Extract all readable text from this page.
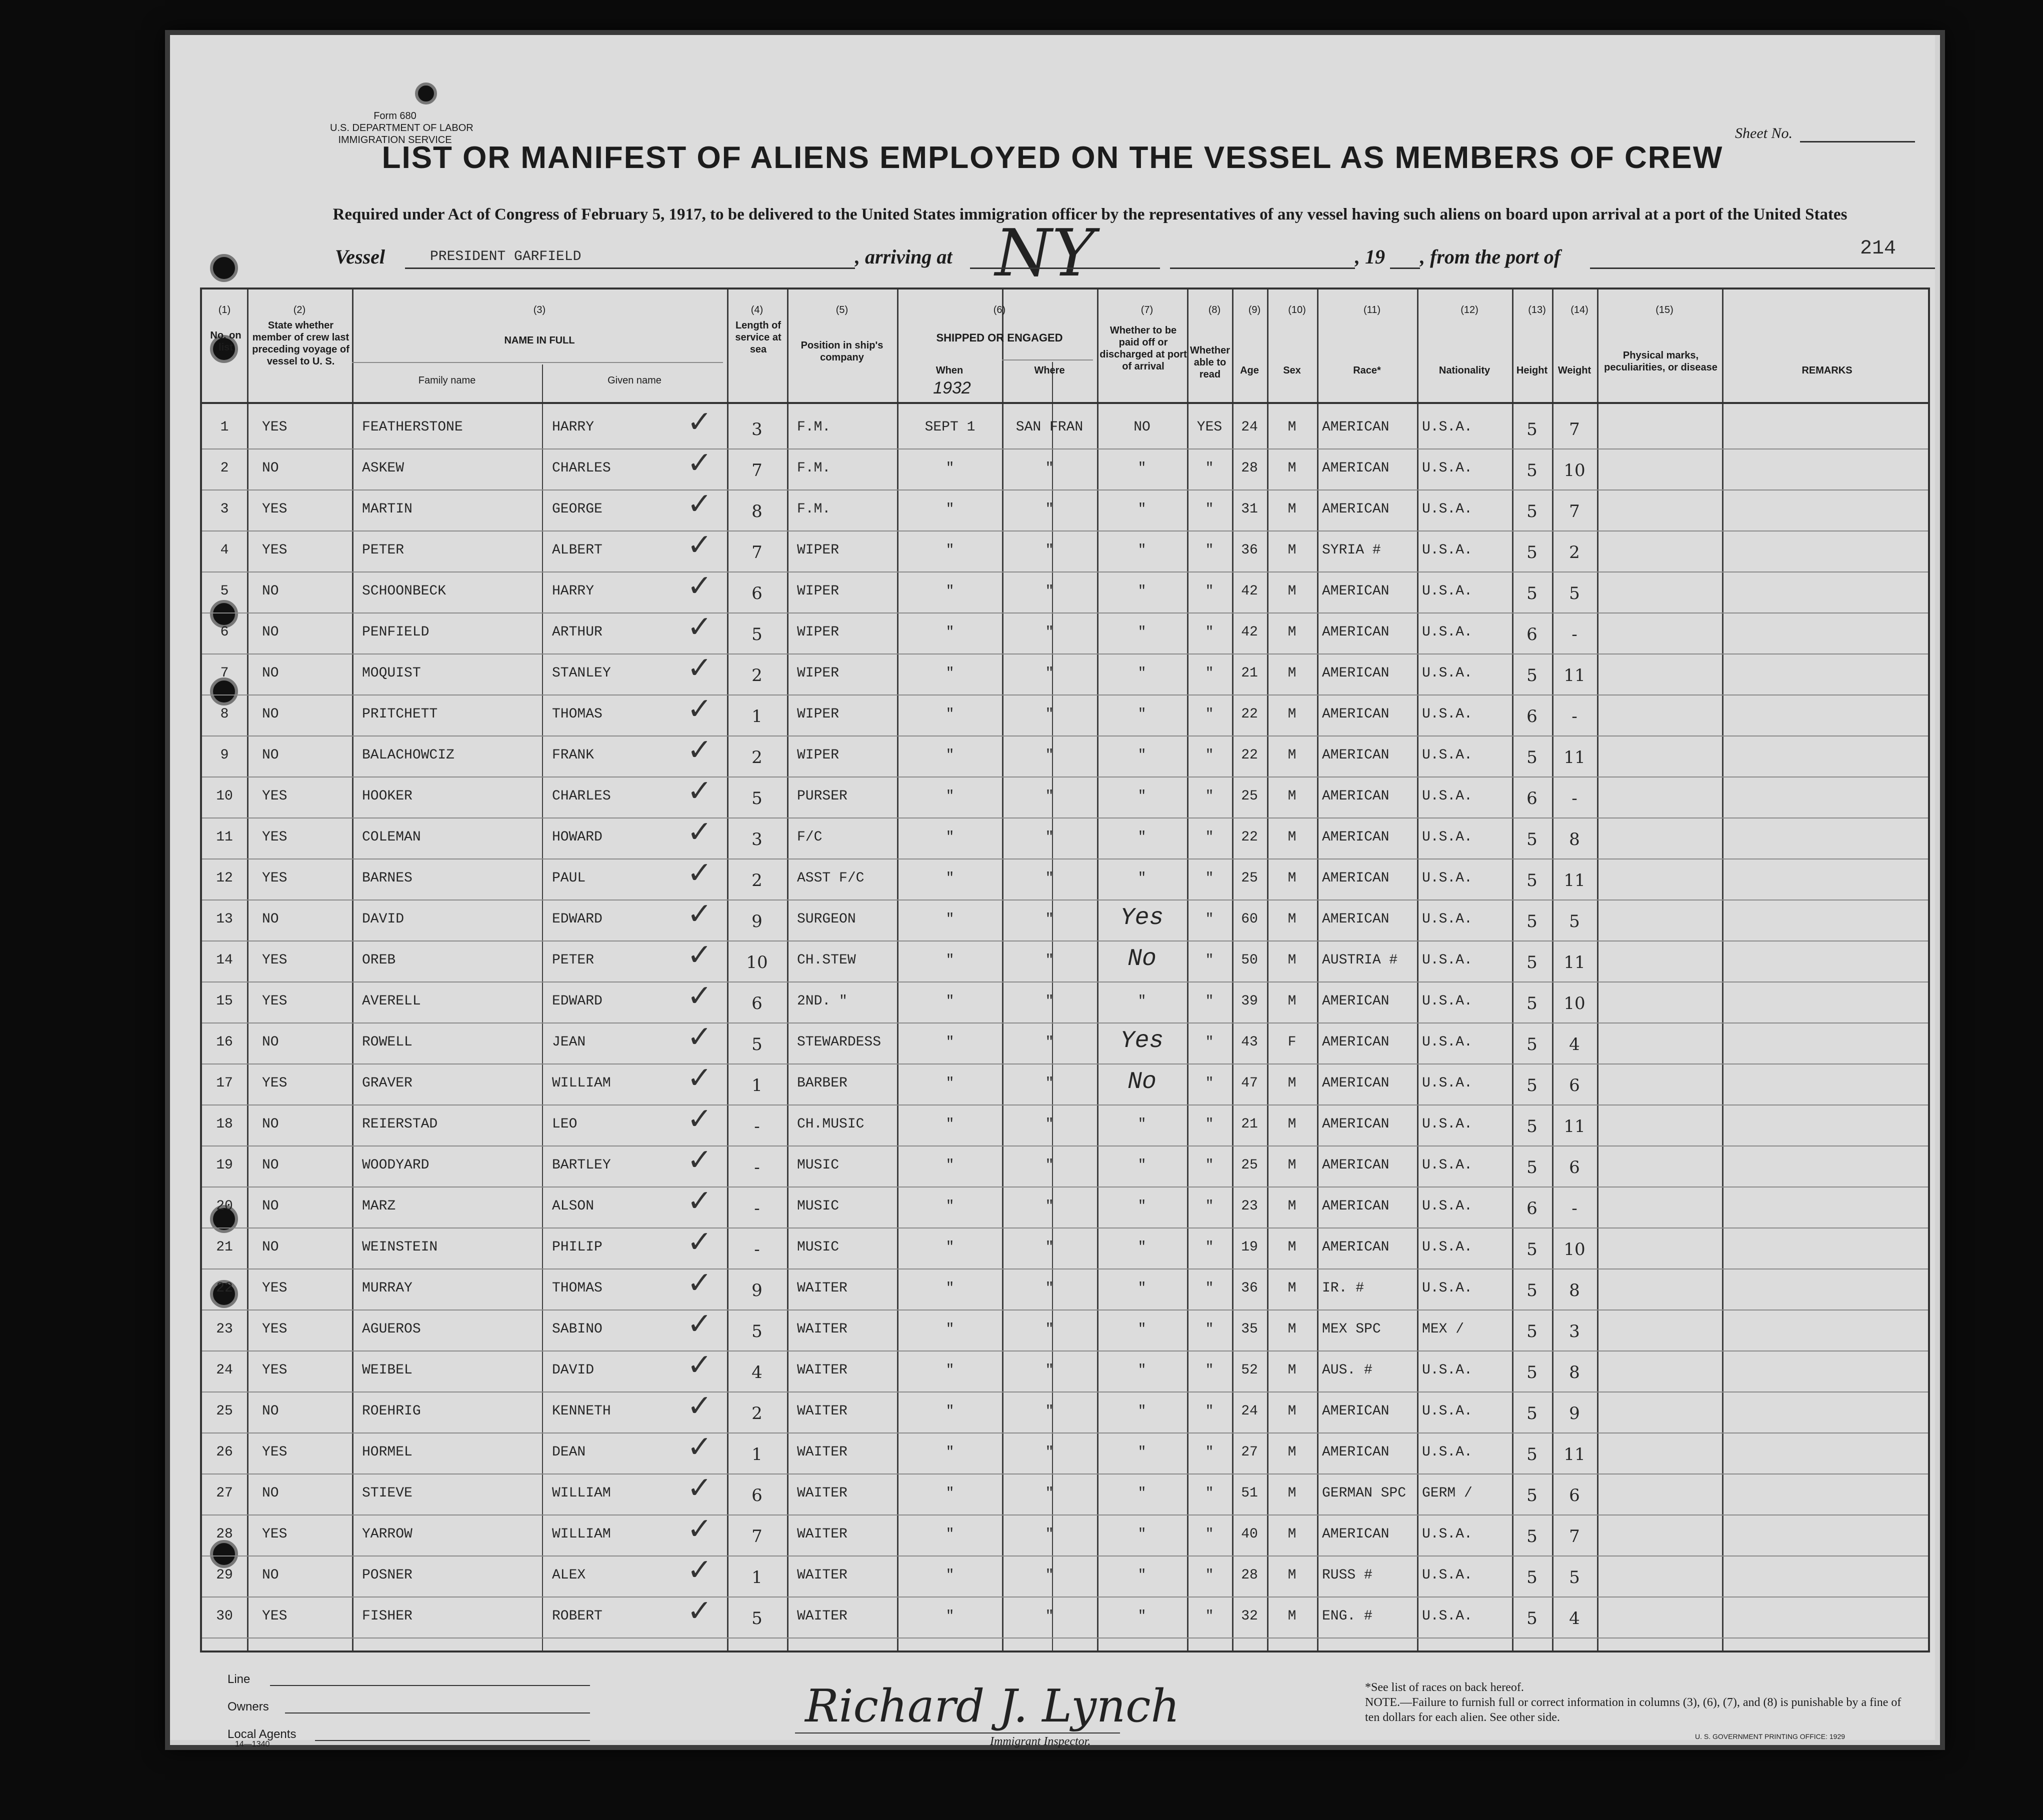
Form 680
U.S. DEPARTMENT OF LABOR
IMMIGRATION SERVICE	Sheet No.
LIST OR MANIFEST OF ALIENS EMPLOYED ON THE VESSEL AS MEMBERS OF CREW
Required under Act of Congress of February 5, 1917, to be delivered to the United States immigration officer by the representatives of any vessel having such aliens on board upon arrival at a port of the United States
Vessel	PRESIDENT GARFIELD	, arriving at NY	, 19 , from the port of	214
(1)	(2)	(3)	(4)	(5)	(6)	(7)	(8)	(9)	(10)	(11)	(12)	(13)	(14)	(15)
No. on list
State whether member of crew last preceding voyage of vessel to U. S.
NAME IN FULL
Family name	Given name
Length of service at sea	Position in ship's company
SHIPPED OR ENGAGED
When	Where
Whether to be paid off or discharged at port of arrival
Whether able to read	Age	Sex	Race*	Nationality	Height	Weight
Physical marks, peculiarities, or disease	REMARKS
1932
1	YES	FEATHERSTONE	HARRY	3	F.M.	SEPT 1	SAN FRAN	NO	YES	24	M	AMERICAN	U.S.A.	5	7
✓
2	NO	ASKEW	CHARLES	7	F.M.	"	"	"	"	28	M	AMERICAN	U.S.A.	5	10
✓
3	YES	MARTIN	GEORGE	8	F.M.	"	"	"	"	31	M	AMERICAN	U.S.A.	5	7
✓
4	YES	PETER	ALBERT	7	WIPER	"	"	"	"	36	M	SYRIA #	U.S.A.	5	2
✓
5	NO	SCHOONBECK	HARRY	6	WIPER	"	"	"	"	42	M	AMERICAN	U.S.A.	5	5
✓
6	NO	PENFIELD	ARTHUR	5	WIPER	"	"	"	"	42	M	AMERICAN	U.S.A.	6	-
✓
7	NO	MOQUIST	STANLEY	2	WIPER	"	"	"	"	21	M	AMERICAN	U.S.A.	5	11
✓
8	NO	PRITCHETT	THOMAS	1	WIPER	"	"	"	"	22	M	AMERICAN	U.S.A.	6	-
✓
9	NO	BALACHOWCIZ	FRANK	2	WIPER	"	"	"	"	22	M	AMERICAN	U.S.A.	5	11
✓
10	YES	HOOKER	CHARLES	5	PURSER	"	"	"	"	25	M	AMERICAN	U.S.A.	6	-
✓
11	YES	COLEMAN	HOWARD	3	F/C	"	"	"	"	22	M	AMERICAN	U.S.A.	5	8
✓
12	YES	BARNES	PAUL	2	ASST F/C	"	"	"	"	25	M	AMERICAN	U.S.A.	5	11
✓
13	NO	DAVID	EDWARD	9	SURGEON	"	"	Yes	"	60	M	AMERICAN	U.S.A.	5	5
✓
14	YES	OREB	PETER	10	CH.STEW	"	"	No	"	50	M	AUSTRIA #	U.S.A.	5	11
✓
15	YES	AVERELL	EDWARD	6	2ND. "	"	"	"	"	39	M	AMERICAN	U.S.A.	5	10
✓
16	NO	ROWELL	JEAN	5	STEWARDESS	"	"	Yes	"	43	F	AMERICAN	U.S.A.	5	4
✓
17	YES	GRAVER	WILLIAM	1	BARBER	"	"	No	"	47	M	AMERICAN	U.S.A.	5	6
✓
18	NO	REIERSTAD	LEO	-	CH.MUSIC	"	"	"	"	21	M	AMERICAN	U.S.A.	5	11
✓
19	NO	WOODYARD	BARTLEY	-	MUSIC	"	"	"	"	25	M	AMERICAN	U.S.A.	5	6
✓
20	NO	MARZ	ALSON	-	MUSIC	"	"	"	"	23	M	AMERICAN	U.S.A.	6	-
✓
21	NO	WEINSTEIN	PHILIP	-	MUSIC	"	"	"	"	19	M	AMERICAN	U.S.A.	5	10
✓
22	YES	MURRAY	THOMAS	9	WAITER	"	"	"	"	36	M	IR. #	U.S.A.	5	8
✓
23	YES	AGUEROS	SABINO	5	WAITER	"	"	"	"	35	M	MEX SPC	MEX /	5	3
✓
24	YES	WEIBEL	DAVID	4	WAITER	"	"	"	"	52	M	AUS. #	U.S.A.	5	8
✓
25	NO	ROEHRIG	KENNETH	2	WAITER	"	"	"	"	24	M	AMERICAN	U.S.A.	5	9
✓
26	YES	HORMEL	DEAN	1	WAITER	"	"	"	"	27	M	AMERICAN	U.S.A.	5	11
✓
27	NO	STIEVE	WILLIAM	6	WAITER	"	"	"	"	51	M	GERMAN SPC	GERM /	5	6
✓
28	YES	YARROW	WILLIAM	7	WAITER	"	"	"	"	40	M	AMERICAN	U.S.A.	5	7
✓
29	NO	POSNER	ALEX	1	WAITER	"	"	"	"	28	M	RUSS #	U.S.A.	5	5
✓
30	YES	FISHER	ROBERT	5	WAITER	"	"	"	"	32	M	ENG. #	U.S.A.	5	4
✓
Line
Owners
Local Agents
14—1340
Richard J. Lynch
Immigrant Inspector.
*See list of races on back hereof.
NOTE.—Failure to furnish full or correct information in columns (3), (6), (7), and (8) is punishable by a fine of ten dollars for each alien. See other side.
U. S. GOVERNMENT PRINTING OFFICE: 1929
